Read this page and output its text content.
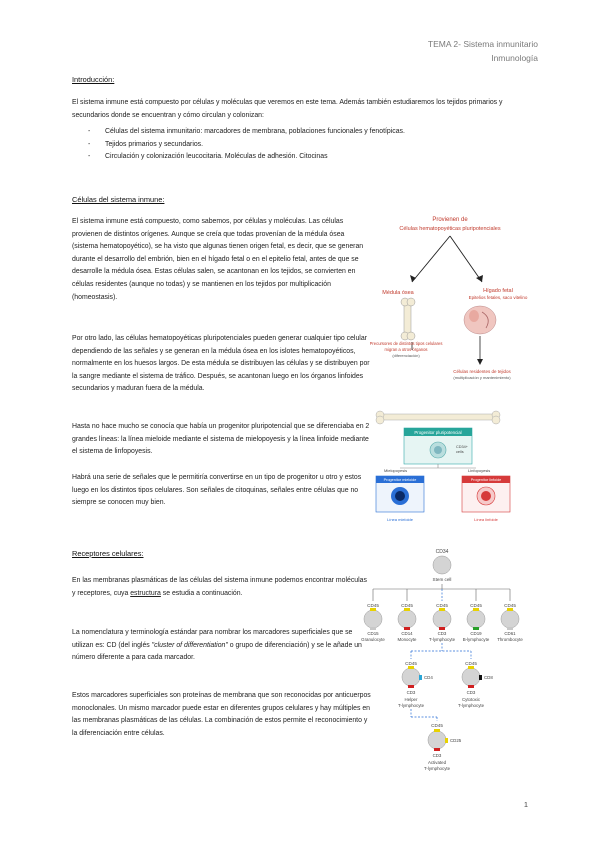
TEMA 2- Sistema inmunitario
Inmunología
Introducción:
El sistema inmune está compuesto por células y moléculas que veremos en este tema. Además también estudiaremos los tejidos primarios y secundarios donde se encuentran y cómo circulan y colonizan:
- Células del sistema inmunitario: marcadores de membrana, poblaciones funcionales y fenotípicas.
- Tejidos primarios y secundarios.
- Circulación y colonización leucocitaria. Moléculas de adhesión. Citocinas
Células del sistema inmune:
El sistema inmune está compuesto, como sabemos, por células y moléculas. Las células provienen de distintos orígenes. Aunque se creía que todas provenían de la médula ósea (sistema hematopoyético), se ha visto que algunas tienen origen fetal, es decir, que se generan durante el desarrollo del embrión, bien en el hígado fetal o en el epitelio fetal, antes de que se desarrolle la médula ósea. Estas células salen, se acantonan en los tejidos, se convierten en células residentes (aunque no todas) y se mantienen en los tejidos por multiplicación (homeostasis).
Por otro lado, las células hematopoyéticas pluripotenciales pueden generar cualquier tipo celular dependiendo de las señales y se generan en la médula ósea en los islotes hematopoyéticos, normalmente en los huesos largos. De esta médula se distribuyen las células y se distribuyen por la sangre mediante el sistema de tráfico. Después, se acantonan luego en los órganos linfoides secundarios y maduran fuera de la médula.
Hasta no hace mucho se conocía que había un progenitor pluripotencial que se diferenciaba en 2 grandes líneas: la línea mieloide mediante el sistema de mielopoyesis y la línea linfoide mediante el sistema de linfopoyesis.
Habrá una serie de señales que le permitiría convertirse en un tipo de progenitor u otro y estos luego en los distintos tipos celulares. Son señales de citoquinas, señales entre células que no siempre se conocen muy bien.
Receptores celulares:
En las membranas plasmáticas de las células del sistema inmune podemos encontrar moléculas y receptores, cuya estructura se estudia a continuación.
La nomenclatura y terminología estándar para nombrar los marcadores superficiales que se utilizan es: CD (del inglés "cluster of differentiation" o grupo de diferenciación) y se le añade un número diferente a para cada marcador.
Estos marcadores superficiales son proteínas de membrana que son reconocidas por anticuerpos monoclonales. Un mismo marcador puede estar en diferentes grupos celulares y hay múltiples en las membranas plasmáticas de las células. La combinación de estos permite el reconocimiento y la diferenciación entre células.
Provienen de
Células hematopoyéticas pluripotenciales
Médula ósea	Hígado fetal
Epitelios fetales, saco vitelino
Precursores de distintos tipos celulares
migran a otros órganos
(diferenciación)
Células residentes de tejidos
(multiplicación y mantenimiento)
Progenitor pluripotencial
CD34+
cells
Mielopoyesis	Linfopoyesis
Progenitor mieloide	Progenitor linfoide
Línea mieloide	Línea linfoide
CD34
Stem cell
CD45
CD15
Granulocyte
CD45
CD14
Monocyte
CD45
CD3
T-lymphocyte
CD45
CD19
B-lymphocyte
CD45
CD61
Thrombocyte
CD45
CD4
CD3
Helper
T-lymphocyte
CD45
CD8
CD3
Cytotoxic
T-lymphocyte
CD45
CD25
CD3
Activated
T-lymphocyte
1
